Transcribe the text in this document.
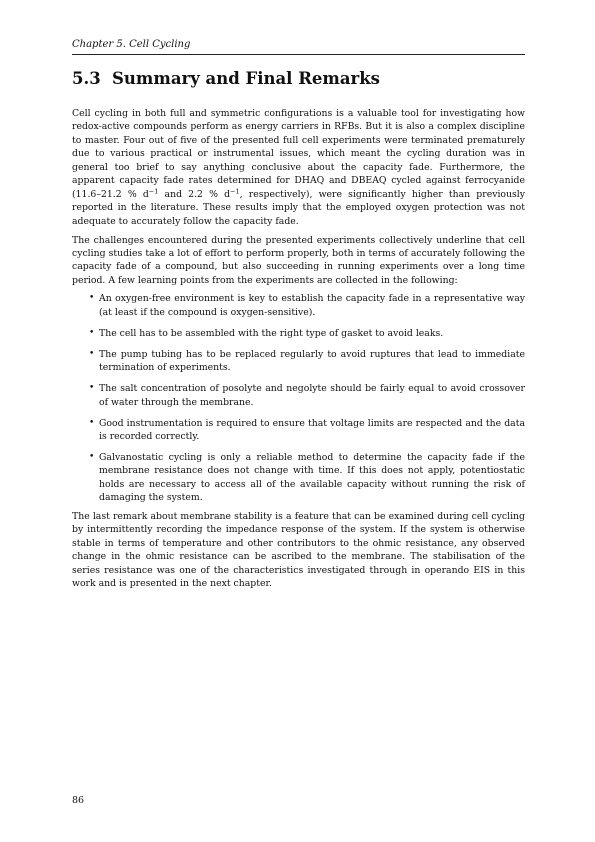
Chapter 5. Cell Cycling
5.3 Summary and Final Remarks

Cell cycling in both full and symmetric configurations is a valuable tool for investigating how redox-active compounds perform as energy carriers in RFBs. But it is also a complex discipline to master. Four out of five of the presented full cell experiments were terminated prematurely due to various practical or instrumental issues, which meant the cycling duration was in general too brief to say anything conclusive about the capacity fade. Furthermore, the apparent capacity fade rates determined for DHAQ and DBEAQ cycled against ferrocyanide (11.6–21.2 % $d^{-1}$ and 2.2 % $d^{-1}$, respectively), were significantly higher than previously reported in the literature. These results imply that the employed oxygen protection was not adequate to accurately follow the capacity fade.

The challenges encountered during the presented experiments collectively underline that cell cycling studies take a lot of effort to perform properly, both in terms of accurately following the capacity fade of a compound, but also succeeding in running experiments over a long time period. A few learning points from the experiments are collected in the following:

• An oxygen-free environment is key to establish the capacity fade in a representative way (at least if the compound is oxygen-sensitive).
• The cell has to be assembled with the right type of gasket to avoid leaks.
• The pump tubing has to be replaced regularly to avoid ruptures that lead to immediate termination of experiments.
• The salt concentration of posolyte and negolyte should be fairly equal to avoid crossover of water through the membrane.
• Good instrumentation is required to ensure that voltage limits are respected and the data is recorded correctly.
• Galvanostatic cycling is only a reliable method to determine the capacity fade if the membrane resistance does not change with time. If this does not apply, potentiostatic holds are necessary to access all of the available capacity without running the risk of damaging the system.

The last remark about membrane stability is a feature that can be examined during cell cycling by intermittently recording the impedance response of the system. If the system is otherwise stable in terms of temperature and other contributors to the ohmic resistance, any observed change in the ohmic resistance can be ascribed to the membrane. The stabilisation of the series resistance was one of the characteristics investigated through in operando EIS in this work and is presented in the next chapter.

86
